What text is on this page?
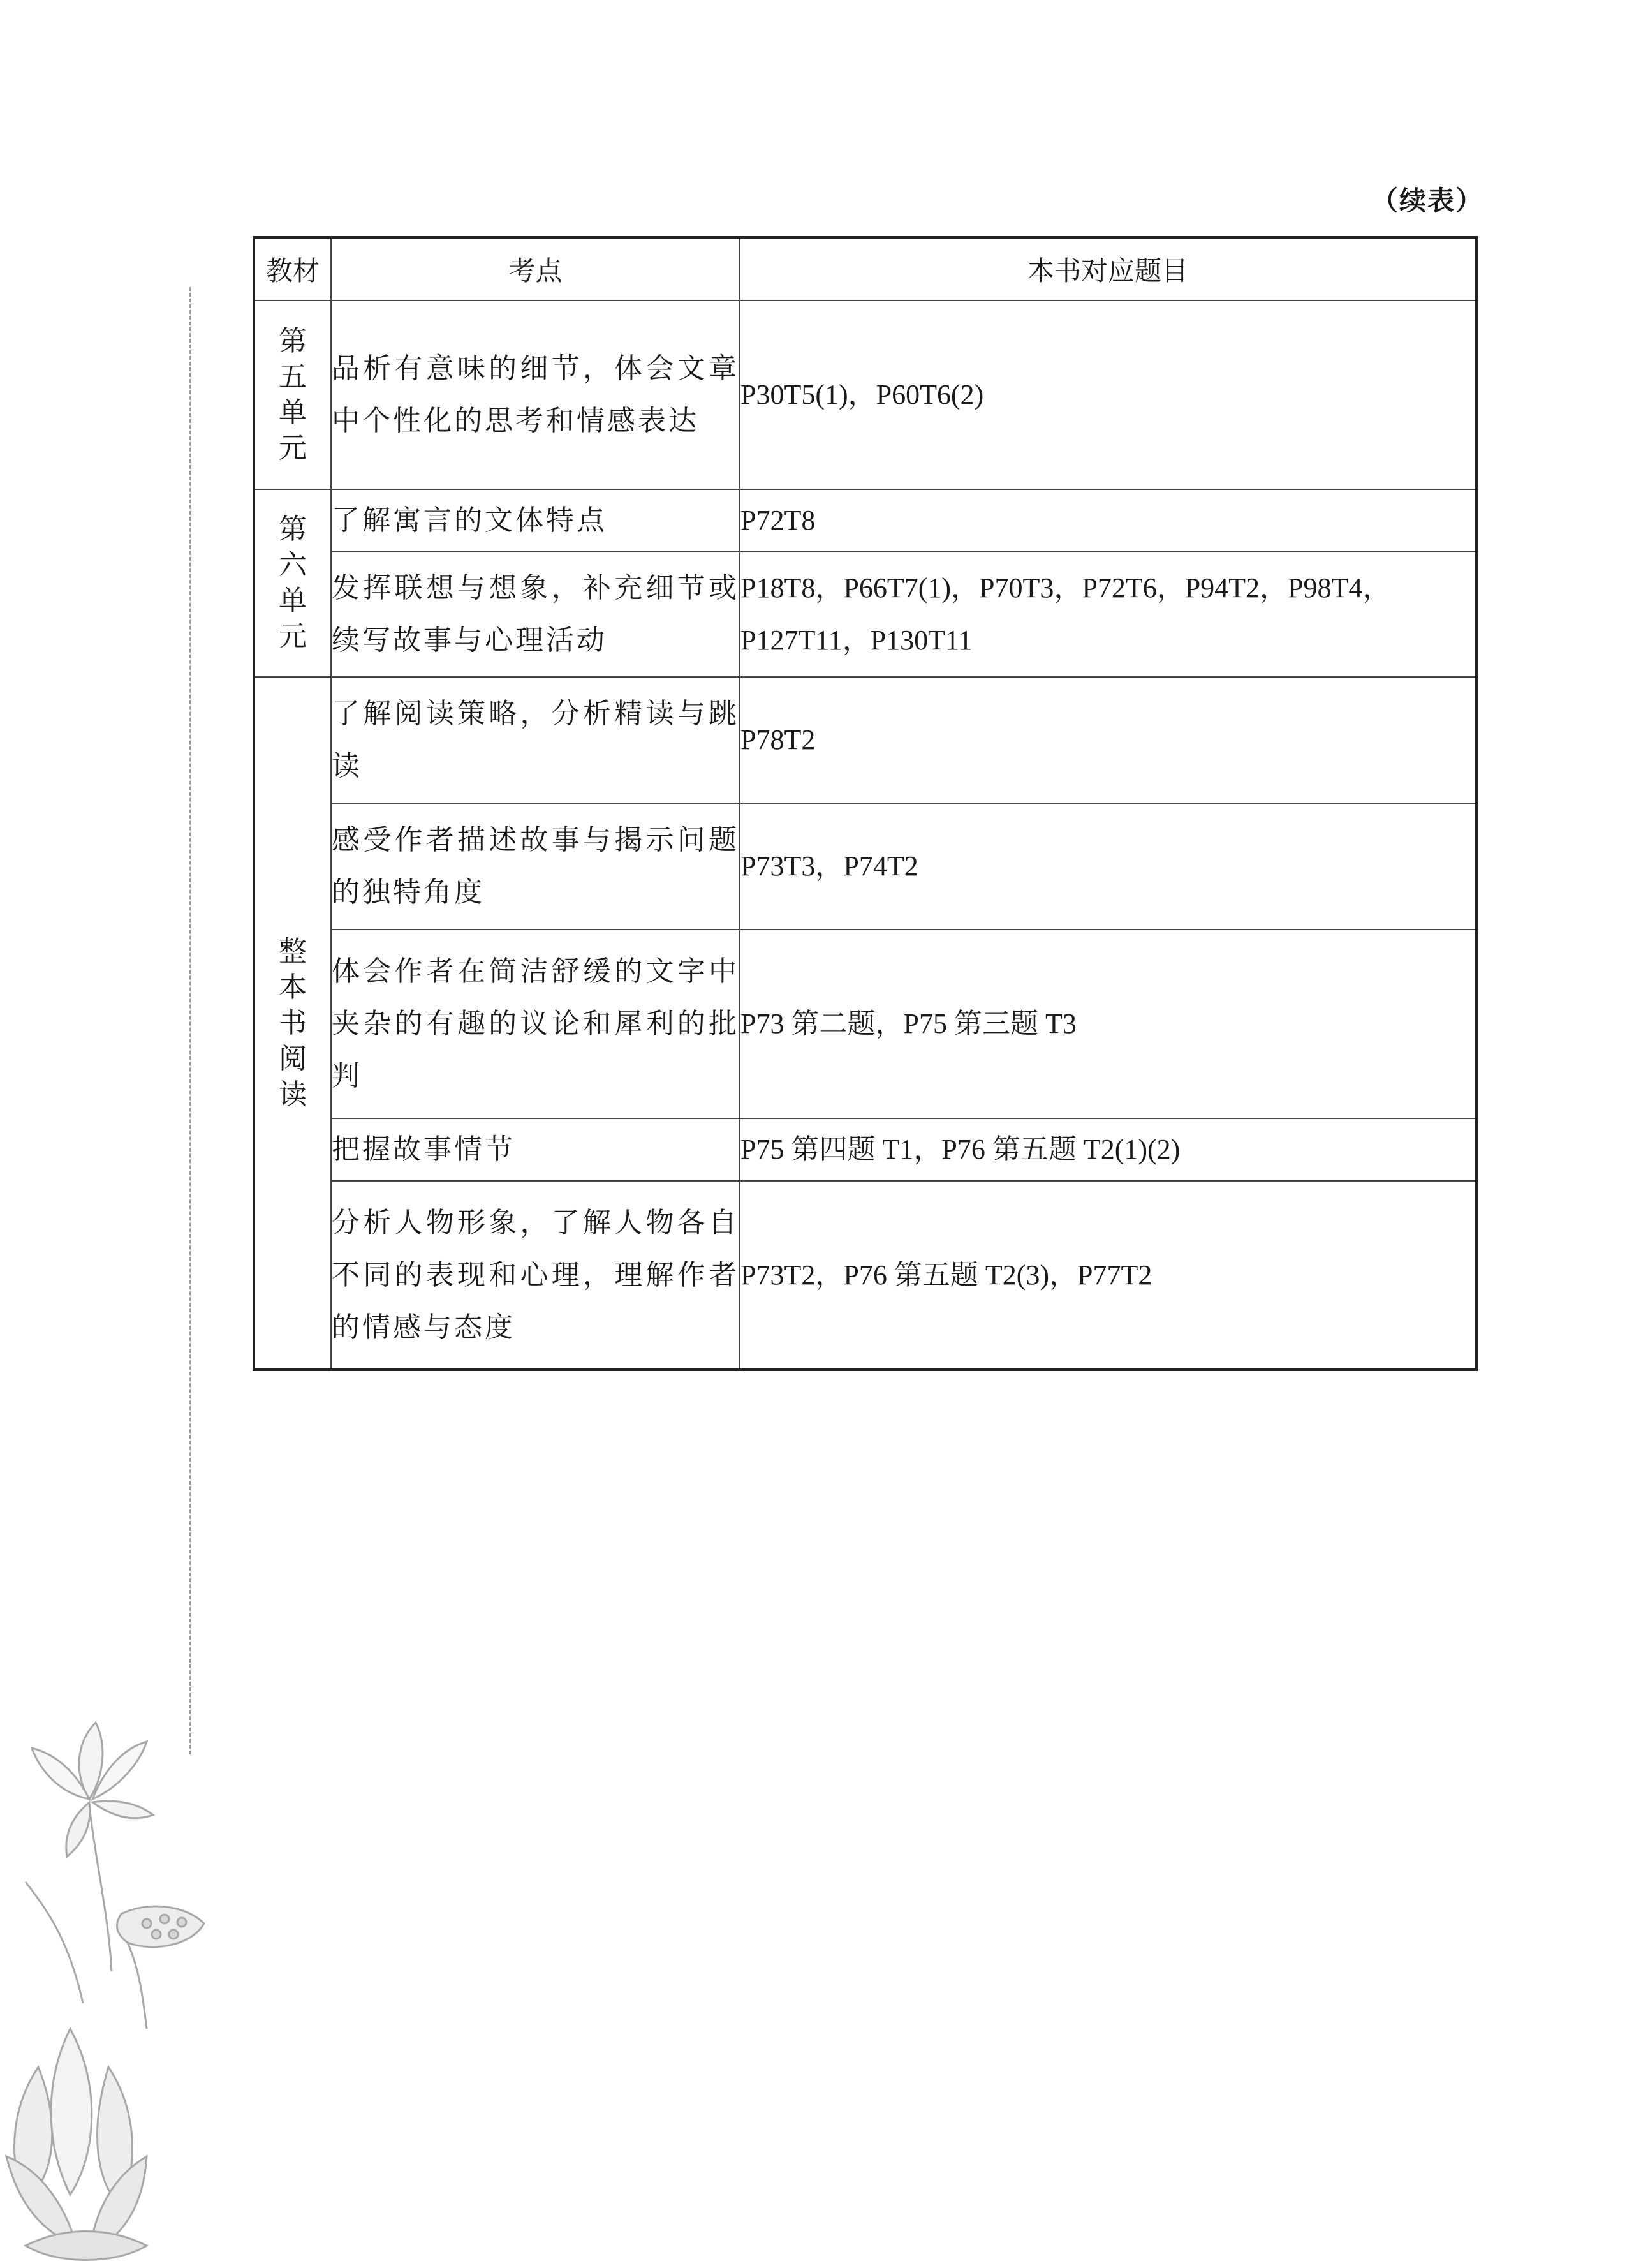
（续表）
教材	考点	本书对应题目
第五单元	品析有意味的细节，体会文章中个性化的思考和情感表达	P30T5(1)，P60T6(2)
第六单元	了解寓言的文体特点	P72T8
	发挥联想与想象，补充细节或续写故事与心理活动	P18T8，P66T7(1)，P70T3，P72T6，P94T2，P98T4，P127T11，P130T11
整本书阅读	了解阅读策略，分析精读与跳读	P78T2
	感受作者描述故事与揭示问题的独特角度	P73T3，P74T2
	体会作者在简洁舒缓的文字中夹杂的有趣的议论和犀利的批判	P73 第二题，P75 第三题 T3
	把握故事情节	P75 第四题 T1，P76 第五题 T2(1)(2)
	分析人物形象，了解人物各自不同的表现和心理，理解作者的情感与态度	P73T2，P76 第五题 T2(3)，P77T2
